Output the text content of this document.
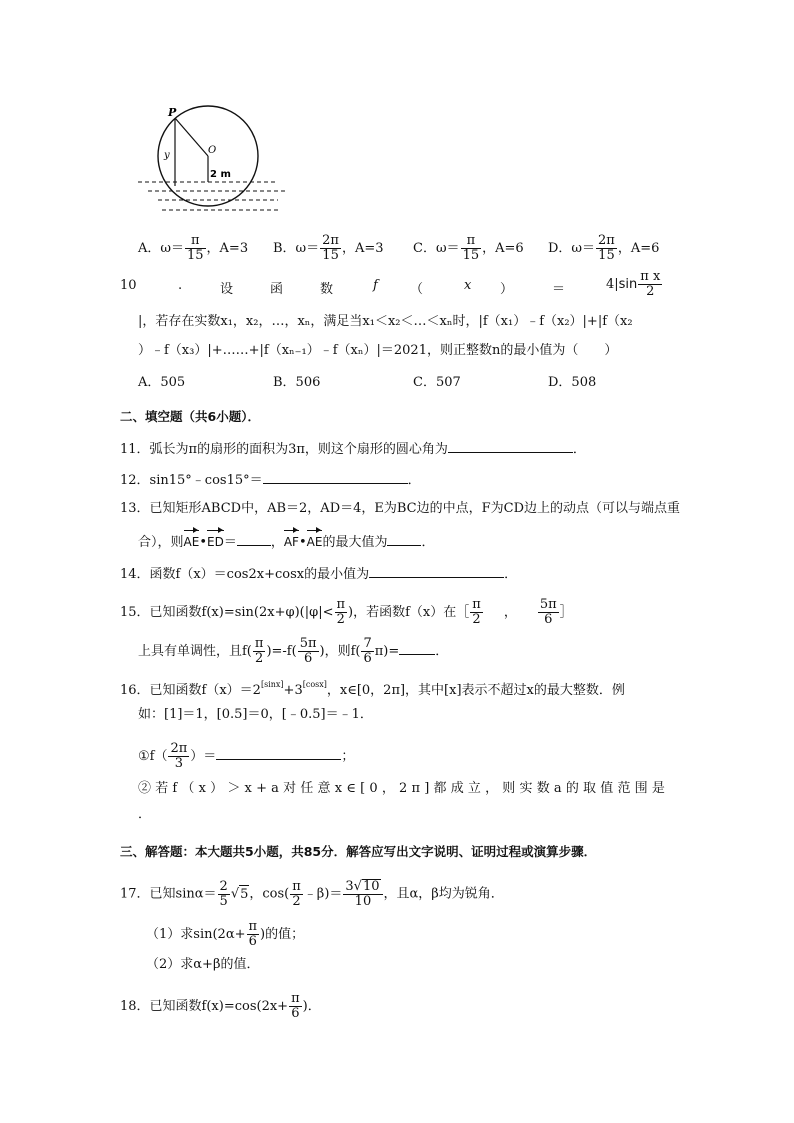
P
y	O
2 m
A．$\omega= \frac{\pi}{15}$ ，A=3 B．$\omega= \frac{2\pi}{15}$ ，A=3 C．$\omega= \frac{\pi}{15}$ ，A=6 D．$\omega= \frac{2\pi}{15}$ ，A=6
10	.	设	函	数	f （	x ）	＝	$4|\sin \frac{\text{π x}}{2}$
|，若存在实数x₁，x₂，…，xₙ，满足当x₁＜x₂＜…＜xₙ时，|f（x₁）﹣f（x₂）|+|f（x₂
）﹣f（x₃）|+……+|f（xₙ₋₁）﹣f（xₙ）|＝2021，则正整数n的最小值为（　　）
A．505	B．506	C．507	D．508
二、填空题（共6小题）．
11．弧长为π的扇形的面积为3π，则这个扇形的圆心角为	．
12．sin15°﹣cos15°＝	．
13．已知矩形ABCD中，AB＝2，AD＝4，E为BC边的中点，F为CD边上的动点（可以与端点重
合），则AE•ED＝	，AF•AE的最大值为	．
14．函数f（x）＝cos2x+cosx的最小值为	．
15．已知函数$f(x)=\sin(2x+\varphi)(|\varphi|< \frac{\pi}{2}$ )，若函数f（x）在［ $\frac{\pi}{2}$ ， $\frac{5\pi}{6}$ ］
上具有单调性，且$f( \frac{\pi}{2} )=-f( \frac{5\pi}{6}$ )，则$f( \frac{7}{6} \pi)=$	．
16．已知函数f（x）＝2[sinx]+3[cosx]，x∈[0，2π]，其中[x]表示不超过x的最大整数．例
如：[1]＝1，[0.5]＝0，[﹣0.5]＝﹣1．
①f（ $\frac{2\pi}{3}$ ）＝	；
②若f（x）＞x+a对任意x∈[0，2π]都成立，则实数a的取值范围是
．
三、解答题：本大题共5小题，共85分．解答应写出文字说明、证明过程或演算步骤．
17．已知$\sin\alpha= \frac{2}{5} √5$，$\cos( \frac{\pi}{2}$ ﹣β)＝ $\frac{3√10}{10}$ ，且α，β均为锐角．
（1）求$\sin(2\alpha+ \frac{\pi}{6}$ )的值；
（2）求α+β的值．
18．已知函数$f(x)=\cos(2x+ \frac{\pi}{6}$ )．
